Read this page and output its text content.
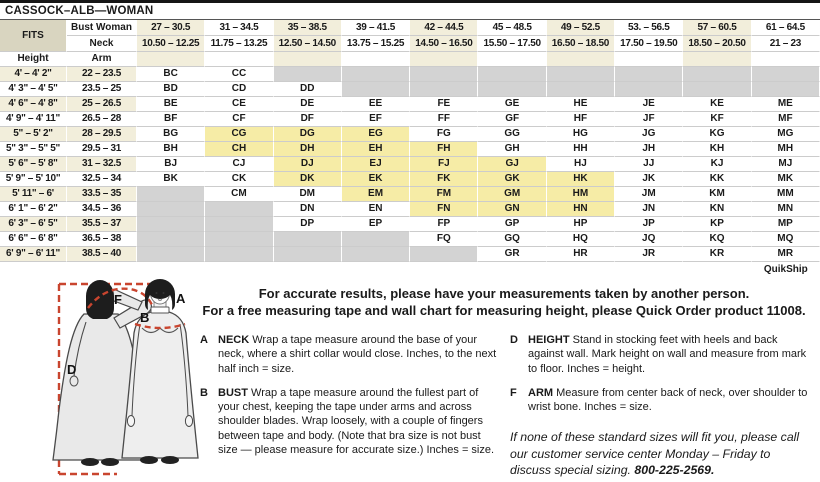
CASSOCK–ALB—WOMAN
FITS	Bust Woman	27 – 30.5	31 – 34.5	35 – 38.5	39 – 41.5	42 – 44.5	45 – 48.5	49 – 52.5	53. – 56.5	57 – 60.5	61 – 64.5
	Neck	10.50 – 12.25	11.75 – 13.25	12.50 – 14.50	13.75 – 15.25	14.50 – 16.50	15.50 – 17.50	16.50 – 18.50	17.50 – 19.50	18.50 – 20.50	21 – 23
Height	Arm										
4' – 4' 2"	22 – 23.5	BC	CC								
4' 3" – 4' 5"	23.5 – 25	BD	CD	DD							
4' 6" – 4' 8"	25 – 26.5	BE	CE	DE	EE	FE	GE	HE	JE	KE	ME
4' 9" – 4' 11"	26.5 – 28	BF	CF	DF	EF	FF	GF	HF	JF	KF	MF
5" – 5' 2"	28 – 29.5	BG	CG	DG	EG	FG	GG	HG	JG	KG	MG
5" 3" – 5" 5"	29.5 – 31	BH	CH	DH	EH	FH	GH	HH	JH	KH	MH
5' 6" – 5' 8"	31 – 32.5	BJ	CJ	DJ	EJ	FJ	GJ	HJ	JJ	KJ	MJ
5' 9" – 5' 10"	32.5 – 34	BK	CK	DK	EK	FK	GK	HK	JK	KK	MK
5' 11" – 6'	33.5 – 35		CM	DM	EM	FM	GM	HM	JM	KM	MM
6' 1" – 6' 2"	34.5 – 36			DN	EN	FN	GN	HN	JN	KN	MN
6' 3" – 6' 5"	35.5 – 37			DP	EP	FP	GP	HP	JP	KP	MP
6' 6" – 6' 8"	36.5 – 38					FQ	GQ	HQ	JQ	KQ	MQ
6' 9" – 6' 11"	38.5 – 40						GR	HR	JR	KR	MR
											QuikShip
D
F	A
B
For accurate results, please have your measurements taken by another person.
For a free measuring tape and wall chart for measuring height, please Quick Order product 11008.
A NECK Wrap a tape measure around the base of your neck, where a shirt collar would close. Inches, to the next half inch = size.
B BUST Wrap a tape measure around the fullest part of your chest, keeping the tape under arms and across shoulder blades. Wrap loosely, with a couple of fingers between tape and body. (Note that bra size is not bust size — please measure for accurate size.) Inches = size.
D HEIGHT Stand in stocking feet with heels and back against wall. Mark height on wall and measure from mark to floor. Inches = height.
F	ARM Measure from center back of neck, over shoulder to wrist bone. Inches = size.
If none of these standard sizes will fit you, please call our customer service center Monday – Friday to discuss special sizing. 800-225-2569.
